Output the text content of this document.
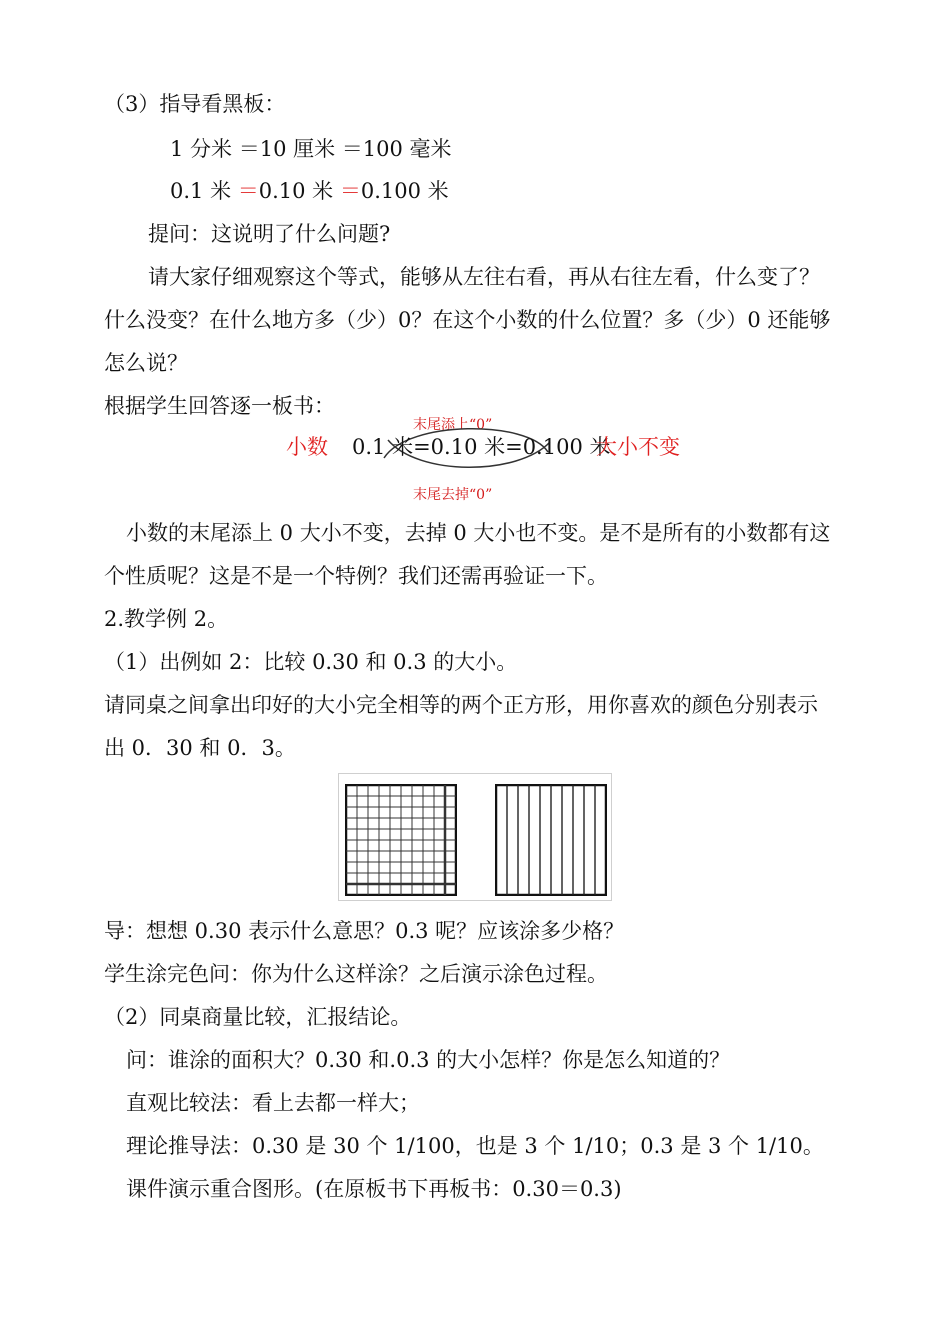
（3）指导看黑板：
1 分米 ＝10 厘米 ＝100 毫米
0.1 米 ＝0.10 米 ＝0.100 米
提问：这说明了什么问题?
请大家仔细观察这个等式，能够从左往右看，再从右往左看，什么变了？
什么没变？在什么地方多（少）0？在这个小数的什么位置？多（少）0 还能够
怎么说？
根据学生回答逐一板书：
末尾添上“0”
小数 0.1 米=0.10 米=0.100 米
大小不变
末尾去掉“0”
小数的末尾添上 0 大小不变，去掉 0 大小也不变。是不是所有的小数都有这
个性质呢？这是不是一个特例？我们还需再验证一下。
2.教学例 2。
（1）出例如 2：比较 0.30 和 0.3 的大小。
请同桌之间拿出印好的大小完全相等的两个正方形，用你喜欢的颜色分别表示
出 0．30 和 0．3。
导：想想 0.30 表示什么意思？0.3 呢？应该涂多少格？
学生涂完色问：你为什么这样涂？之后演示涂色过程。
（2）同桌商量比较，汇报结论。
问：谁涂的面积大？0.30 和.0.3 的大小怎样？你是怎么知道的？
直观比较法：看上去都一样大；
理论推导法：0.30 是 30 个 1/100，也是 3 个 1/10；0.3 是 3 个 1/10。
课件演示重合图形。(在原板书下再板书：0.30＝0.3)
